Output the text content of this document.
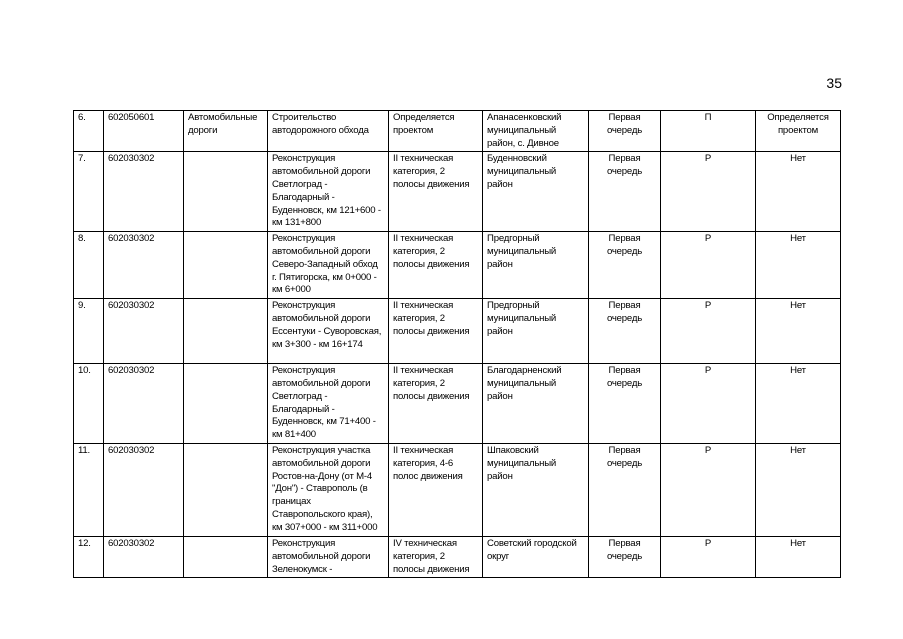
35
6.	602050601	Автомобильные дороги	Строительство автодорожного обхода	Определяется проектом	Апанасенковский муниципальный район, с. Дивное	Первая очередь	П	Определяется проектом
7.	602030302		Реконструкция автомобильной дороги Светлоград - Благодарный - Буденновск, км 121+600 - км 131+800	II техническая категория, 2 полосы движения	Буденновский муниципальный район	Первая очередь	Р	Нет
8.	602030302		Реконструкция автомобильной дороги Северо-Западный обход г. Пятигорска, км 0+000 - км 6+000	II техническая категория, 2 полосы движения	Предгорный муниципальный район	Первая очередь	Р	Нет
9.	602030302		Реконструкция автомобильной дороги Ессентуки - Суворовская, км 3+300 - км 16+174	II техническая категория, 2 полосы движения	Предгорный муниципальный район	Первая очередь	Р	Нет
10.	602030302		Реконструкция автомобильной дороги Светлоград - Благодарный - Буденновск, км 71+400 - км 81+400	II техническая категория, 2 полосы движения	Благодарненский муниципальный район	Первая очередь	Р	Нет
11.	602030302		Реконструкция участка автомобильной дороги Ростов-на-Дону (от М-4 "Дон") - Ставрополь (в границах Ставропольского края), км 307+000 - км 311+000	II техническая категория, 4-6 полос движения	Шпаковский муниципальный район	Первая очередь	Р	Нет
12.	602030302		Реконструкция автомобильной дороги Зеленокумск -	IV техническая категория, 2 полосы движения	Советский городской округ	Первая очередь	Р	Нет
